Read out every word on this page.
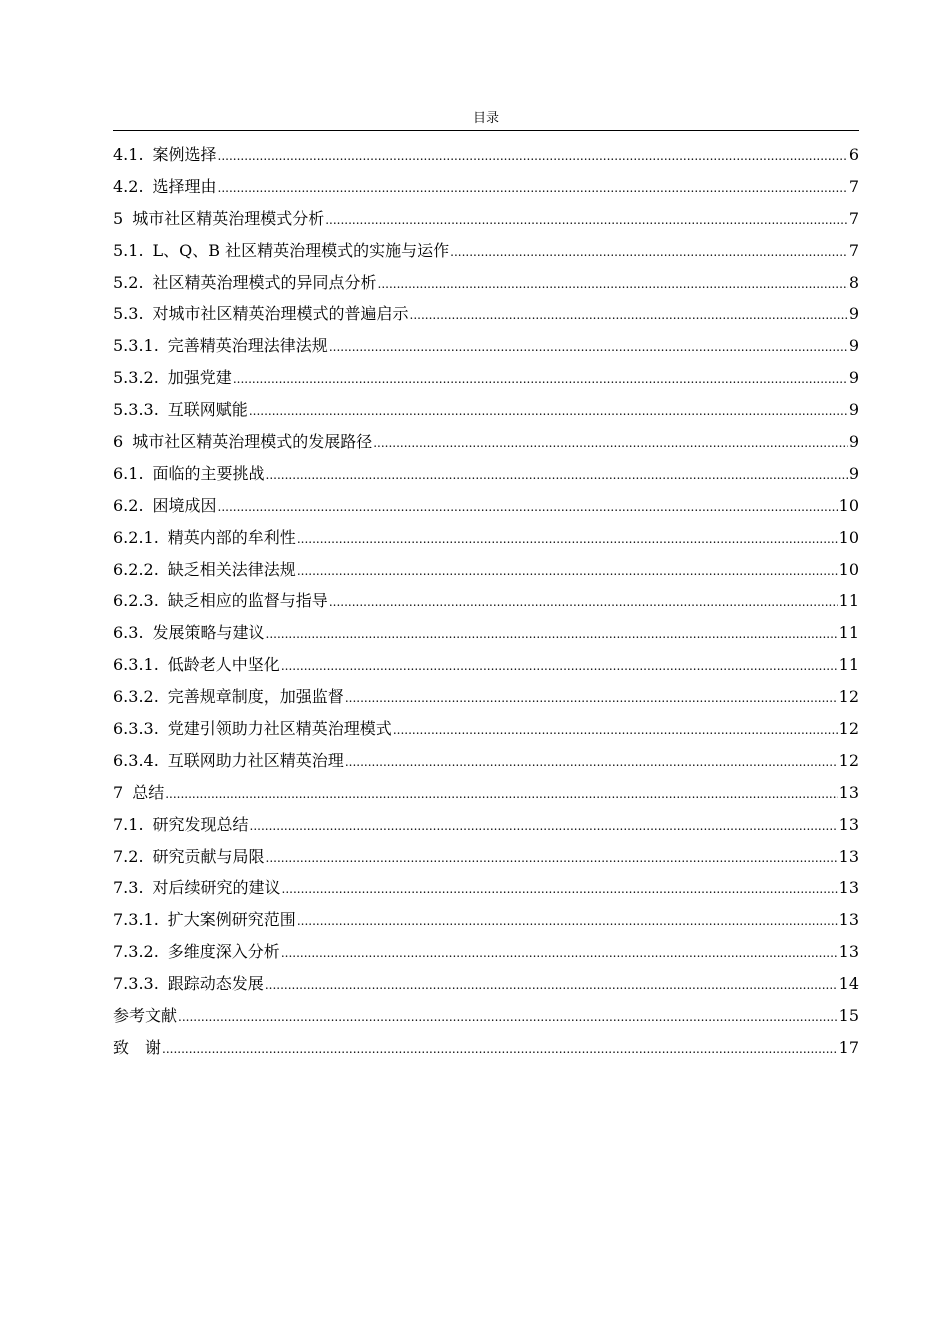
目录
4.1. 案例选择 .....	6
4.2. 选择理由 .....	7
5 城市社区精英治理模式分析 .....	7
5.1. L、Q、B 社区精英治理模式的实施与运作 .....	7
5.2. 社区精英治理模式的异同点分析 .....	8
5.3. 对城市社区精英治理模式的普遍启示 .....	9
5.3.1. 完善精英治理法律法规 .....	9
5.3.2. 加强党建 .....	9
5.3.3. 互联网赋能 .....	9
6 城市社区精英治理模式的发展路径 .....	9
6.1. 面临的主要挑战 .....	9
6.2. 困境成因 .....	10
6.2.1. 精英内部的牟利性 .....	10
6.2.2. 缺乏相关法律法规 .....	10
6.2.3. 缺乏相应的监督与指导 .....	11
6.3. 发展策略与建议 .....	11
6.3.1. 低龄老人中坚化 .....	11
6.3.2. 完善规章制度，加强监督 .....	12
6.3.3. 党建引领助力社区精英治理模式 .....	12
6.3.4. 互联网助力社区精英治理 .....	12
7 总结 .....	13
7.1. 研究发现总结 .....	13
7.2. 研究贡献与局限 .....	13
7.3. 对后续研究的建议 .....	13
7.3.1. 扩大案例研究范围 .....	13
7.3.2. 多维度深入分析 .....	13
7.3.3. 跟踪动态发展 .....	14
参考文献 .....	15
致　谢 .....	17
